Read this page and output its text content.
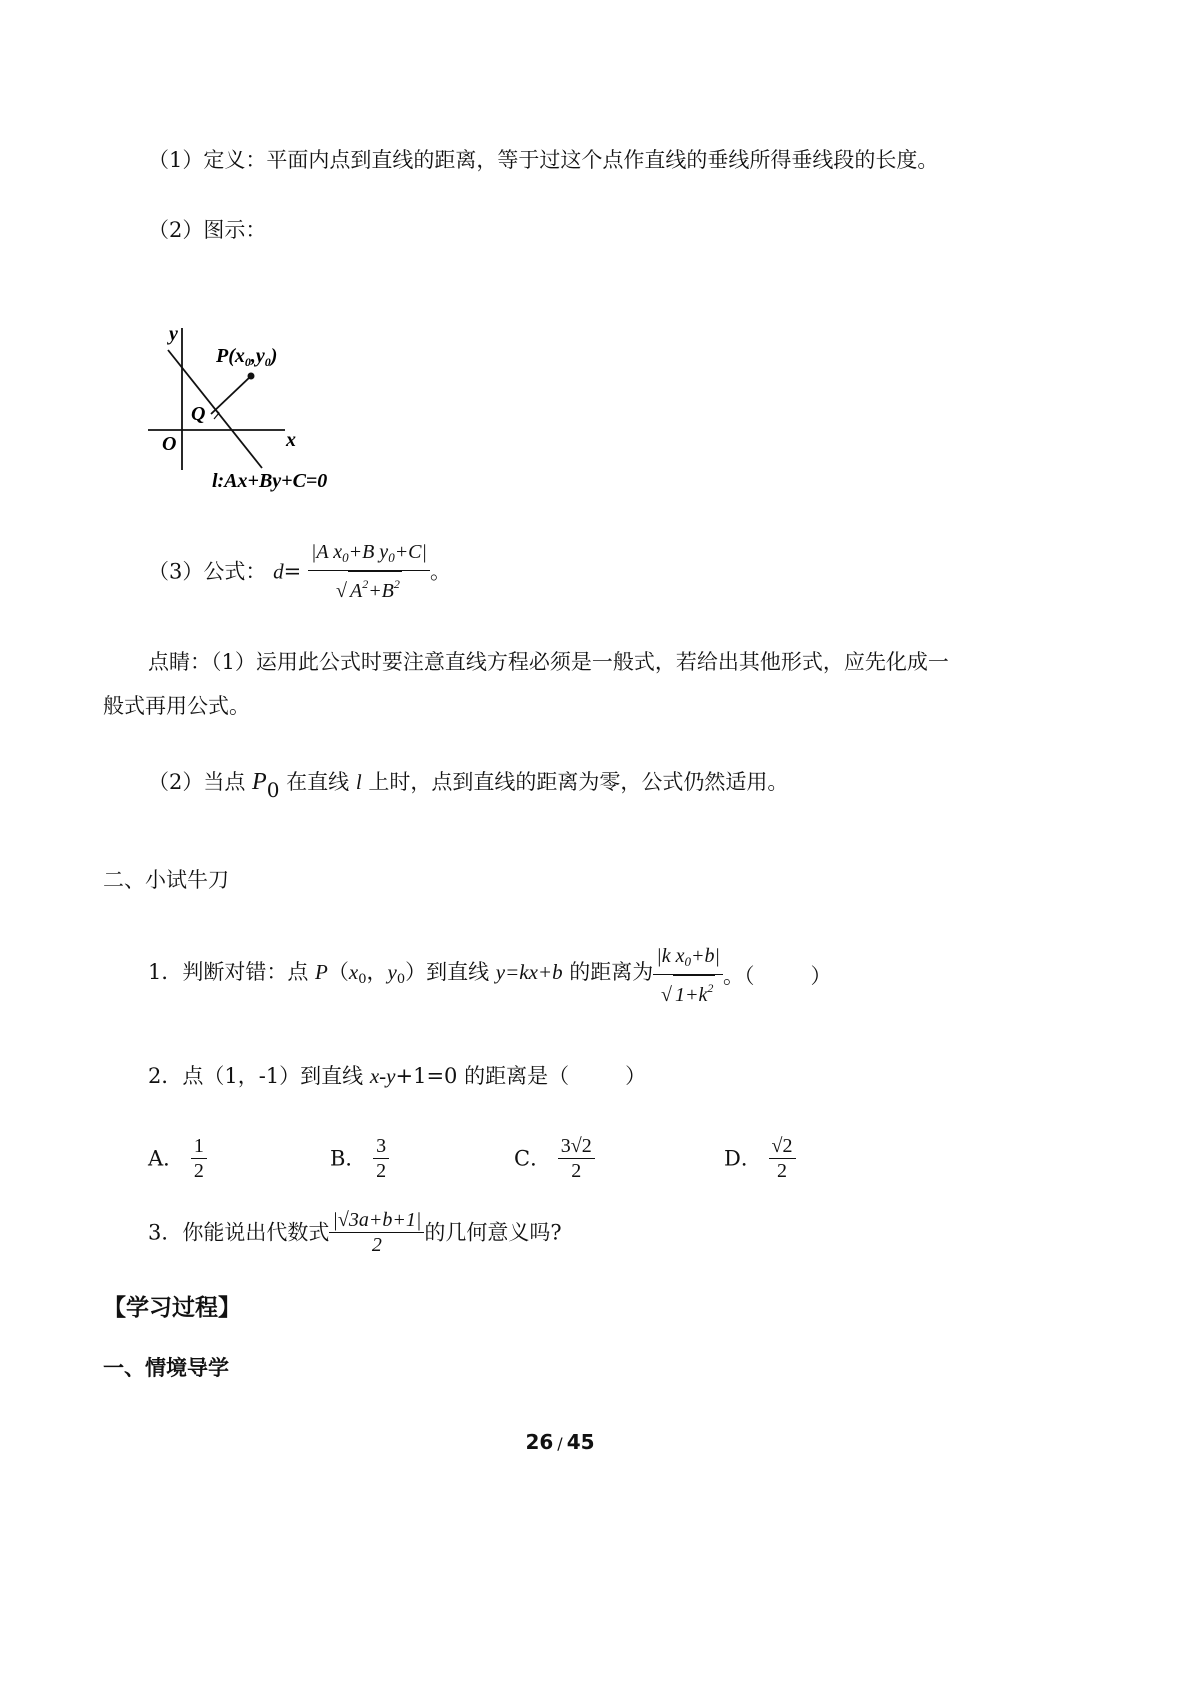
（1）定义：平面内点到直线的距离，等于过这个点作直线的垂线所得垂线段的长度。
（2）图示：
y
O	x
Q
$P(x_0,y_0)$
l:Ax+By+C=0
（3）公式： $d= \frac{|A x_0+B y_0+C|}{√ A^2+B^2}$ 。
点睛：（1）运用此公式时要注意直线方程必须是一般式，若给出其他形式，应先化成一
般式再用公式。
（2）当点 P0 在直线 l 上时，点到直线的距离为零，公式仍然适用。
二、小试牛刀
1．判断对错：点 $P(x_0$，$y_0$）到直线 y=kx+b 的距离为 $\frac{|k x_0+b|}{√ 1+k^2}$ 。（	）
2．点（1，-1）到直线 x-y+1=0 的距离是（	）
A． $\frac{1}{2}$	B． $\frac{3}{2}$	C． $\frac{3√2}{2}$	D． $\frac{√2}{2}$
3．你能说出代数式 $\frac{|√3a+b+1|}{2}$ 的几何意义吗?
【学习过程】
一、情境导学
26 / 45
